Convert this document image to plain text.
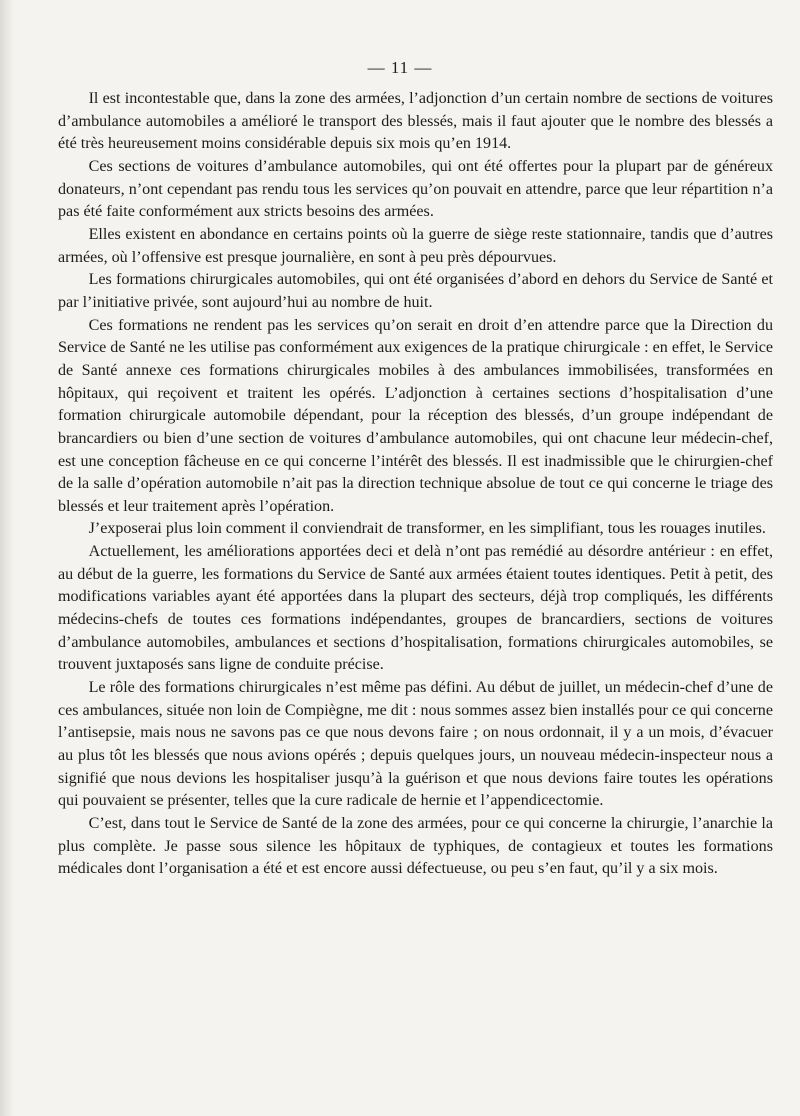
— 11 —

Il est incontestable que, dans la zone des armées, l’adjonction d’un certain nombre de sections de voitures d’ambulance automobiles a amélioré le transport des blessés, mais il faut ajouter que le nombre des blessés a été très heureusement moins considérable depuis six mois qu’en 1914.

Ces sections de voitures d’ambulance automobiles, qui ont été offertes pour la plupart par de généreux donateurs, n’ont cependant pas rendu tous les services qu’on pouvait en attendre, parce que leur répartition n’a pas été faite conformément aux stricts besoins des armées.

Elles existent en abondance en certains points où la guerre de siège reste stationnaire, tandis que d’autres armées, où l’offensive est presque journalière, en sont à peu près dépourvues.

Les formations chirurgicales automobiles, qui ont été organisées d’abord en dehors du Service de Santé et par l’initiative privée, sont aujourd’hui au nombre de huit.

Ces formations ne rendent pas les services qu’on serait en droit d’en attendre parce que la Direction du Service de Santé ne les utilise pas conformément aux exigences de la pratique chirurgicale : en effet, le Service de Santé annexe ces formations chirurgicales mobiles à des ambulances immobilisées, transformées en hôpitaux, qui reçoivent et traitent les opérés. L’adjonction à certaines sections d’hospitalisation d’une formation chirurgicale automobile dépendant, pour la réception des blessés, d’un groupe indépendant de brancardiers ou bien d’une section de voitures d’ambulance automobiles, qui ont chacune leur médecin-chef, est une conception fâcheuse en ce qui concerne l’intérêt des blessés. Il est inadmissible que le chirurgien-chef de la salle d’opération automobile n’ait pas la direction technique absolue de tout ce qui concerne le triage des blessés et leur traitement après l’opération.

J’exposerai plus loin comment il conviendrait de transformer, en les simplifiant, tous les rouages inutiles.

Actuellement, les améliorations apportées deci et delà n’ont pas remédié au désordre antérieur : en effet, au début de la guerre, les formations du Service de Santé aux armées étaient toutes identiques. Petit à petit, des modifications variables ayant été apportées dans la plupart des secteurs, déjà trop compliqués, les différents médecins-chefs de toutes ces formations indépendantes, groupes de brancardiers, sections de voitures d’ambulance automobiles, ambulances et sections d’hospitalisation, formations chirurgicales automobiles, se trouvent juxtaposés sans ligne de conduite précise.

Le rôle des formations chirurgicales n’est même pas défini. Au début de juillet, un médecin-chef d’une de ces ambulances, située non loin de Compiègne, me dit : nous sommes assez bien installés pour ce qui concerne l’antisepsie, mais nous ne savons pas ce que nous devons faire ; on nous ordonnait, il y a un mois, d’évacuer au plus tôt les blessés que nous avions opérés ; depuis quelques jours, un nouveau médecin-inspecteur nous a signifié que nous devions les hospitaliser jusqu’à la guérison et que nous devions faire toutes les opérations qui pouvaient se présenter, telles que la cure radicale de hernie et l’appendicectomie.

C’est, dans tout le Service de Santé de la zone des armées, pour ce qui concerne la chirurgie, l’anarchie la plus complète. Je passe sous silence les hôpitaux de typhiques, de contagieux et toutes les formations médicales dont l’organisation a été et est encore aussi défectueuse, ou peu s’en faut, qu’il y a six mois.
